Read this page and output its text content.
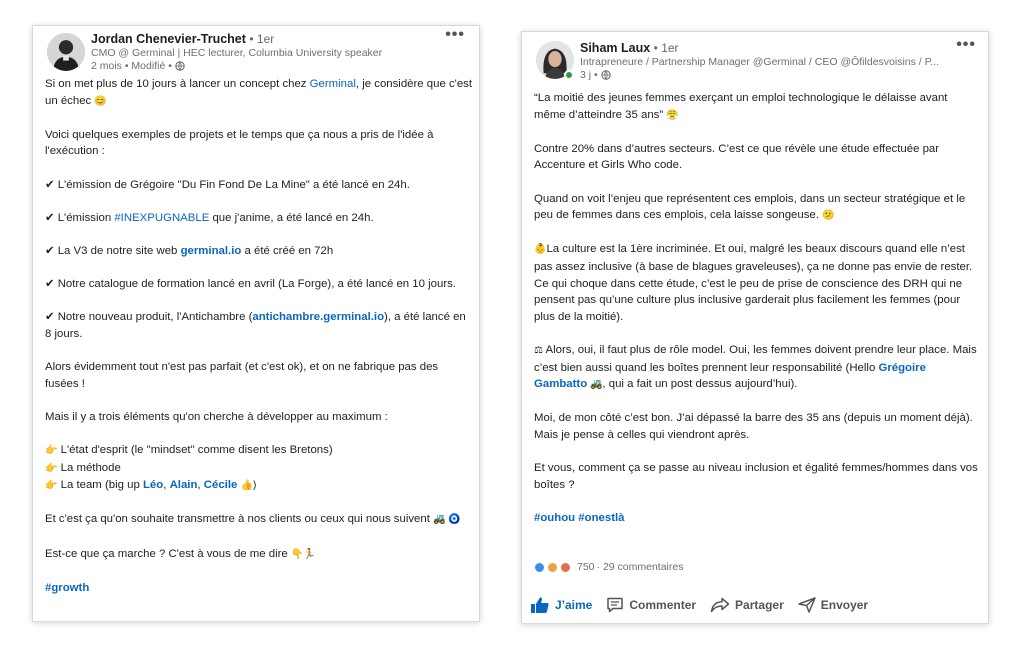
Jordan Chenevier-Truchet • 1er
CMO @ Germinal | HEC lecturer, Columbia University speaker
2 mois • Modifié •
•••
Si on met plus de 10 jours à lancer un concept chez Germinal, je considère que c'est un échec 😊
Voici quelques exemples de projets et le temps que ça nous a pris de l'idée à l'exécution :
✔ L'émission de Grégoire "Du Fin Fond De La Mine" a été lancé en 24h.
✔ L'émission #INEXPUGNABLE que j'anime, a été lancé en 24h.
✔ La V3 de notre site web germinal.io a été créé en 72h
✔ Notre catalogue de formation lancé en avril (La Forge), a été lancé en 10 jours.
✔ Notre nouveau produit, l'Antichambre (antichambre.germinal.io), a été lancé en 8 jours.
Alors évidemment tout n'est pas parfait (et c'est ok), et on ne fabrique pas des fusées !
Mais il y a trois éléments qu'on cherche à développer au maximum :
👉 L'état d'esprit (le "mindset" comme disent les Bretons)
👉 La méthode
👉 La team (big up Léo, Alain, Cécile 👍)
Et c'est ça qu'on souhaite transmettre à nos clients ou ceux qui nous suivent 🚜 🧿
Est-ce que ça marche ? C'est à vous de me dire 👇🏃
#growth
Siham Laux • 1er
Intrapreneure / Partnership Manager @Germinal / CEO @Ôfildesvoisins / P...
3 j •
•••
“La moitié des jeunes femmes exerçant un emploi technologique le délaisse avant même d’atteindre 35 ans” 😤
Contre 20% dans d’autres secteurs. C’est ce que révèle une étude effectuée par Accenture et Girls Who code.
Quand on voit l’enjeu que représentent ces emplois, dans un secteur stratégique et le peu de femmes dans ces emplois, cela laisse songeuse. 😕
👶La culture est la 1ère incriminée. Et oui, malgré les beaux discours quand elle n’est pas assez inclusive (à base de blagues graveleuses), ça ne donne pas envie de rester.
Ce qui choque dans cette étude, c’est le peu de prise de conscience des DRH qui ne pensent pas qu’une culture plus inclusive garderait plus facilement les femmes (pour plus de la moitié).
⚖ Alors, oui, il faut plus de rôle model. Oui, les femmes doivent prendre leur place. Mais c’est bien aussi quand les boîtes prennent leur responsabilité (Hello Grégoire Gambatto 🚜, qui a fait un post dessus aujourd’hui).
Moi, de mon côté c’est bon. J’ai dépassé la barre des 35 ans (depuis un moment déjà). Mais je pense à celles qui viendront après.
Et vous, comment ça se passe au niveau inclusion et égalité femmes/hommes dans vos boîtes ?
#ouhou #onestlà
750 · 29 commentaires
J’aime	Commenter	Partager	Envoyer
